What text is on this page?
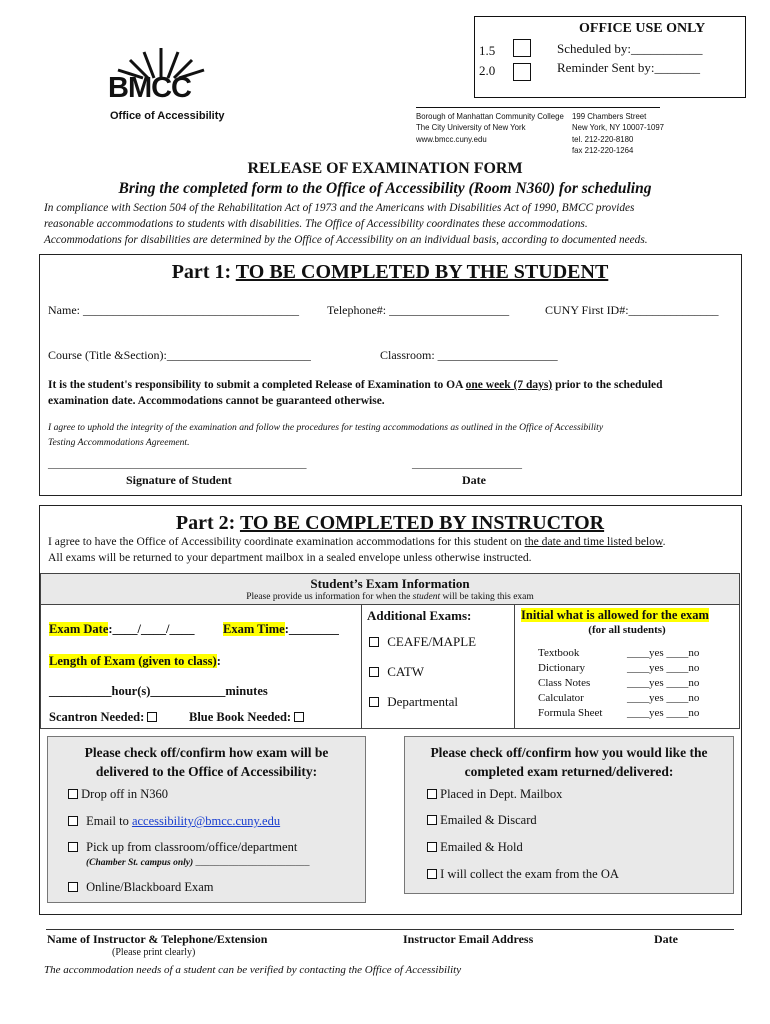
OFFICE USE ONLY
1.5
2.0
Scheduled by:___________
Reminder Sent by:_______
BMCC
Office of Accessibility	Borough of Manhattan Community College
The City University of New York
www.bmcc.cuny.edu
199 Chambers Street
New York, NY 10007-1097
tel. 212-220-8180
fax 212-220-1264
RELEASE OF EXAMINATION FORM
Bring the completed form to the Office of Accessibility (Room N360) for scheduling
In compliance with Section 504 of the Rehabilitation Act of 1973 and the Americans with Disabilities Act of 1990, BMCC provides
reasonable accommodations to students with disabilities. The Office of Accessibility coordinates these accommodations.
Accommodations for disabilities are determined by the Office of Accessibility on an individual basis, according to documented needs.
Part 1: TO BE COMPLETED BY THE STUDENT
Name: ____________________________________ Telephone#: ____________________	CUNY First ID#:_______________
Course (Title &Section):________________________	Classroom: ____________________
It is the student's responsibility to submit a completed Release of Examination to OA one week (7 days) prior to the scheduled
examination date. Accommodations cannot be guaranteed otherwise.
I agree to uphold the integrity of the examination and follow the procedures for testing accommodations as outlined in the Office of Accessibility
Testing Accommodations Agreement.
_______________________________________________	____________________
Signature of Student	Date
Part 2: TO BE COMPLETED BY INSTRUCTOR
I agree to have the Office of Accessibility coordinate examination accommodations for this student on the date and time listed below.
All exams will be returned to your department mailbox in a sealed envelope unless otherwise instructed.
Student’s Exam Information
Please provide us information for when the student will be taking this exam
Exam Date:____/____/____ Exam Time:________
Length of Exam (given to class):
__________hour(s)____________minutes
Scantron Needed:	Blue Book Needed:
Additional Exams:
CEAFE/MAPLE
CATW
Departmental
Initial what is allowed for the exam
(for all students)
Textbook	____yes ____no
Dictionary	____yes ____no
Class Notes	____yes ____no
Calculator	____yes ____no
Formula Sheet ____yes ____no
Please check off/confirm how exam will be
delivered to the Office of Accessibility:
Drop off in N360
Email to accessibility@bmcc.cuny.edu
Pick up from classroom/office/department
(Chamber St. campus only) ________________________
Online/Blackboard Exam
Please check off/confirm how you would like the
completed exam returned/delivered:
Placed in Dept. Mailbox
Emailed & Discard
Emailed & Hold
I will collect the exam from the OA
Name of Instructor & Telephone/Extension
(Please print clearly)
Instructor Email Address	Date
The accommodation needs of a student can be verified by contacting the Office of Accessibility
